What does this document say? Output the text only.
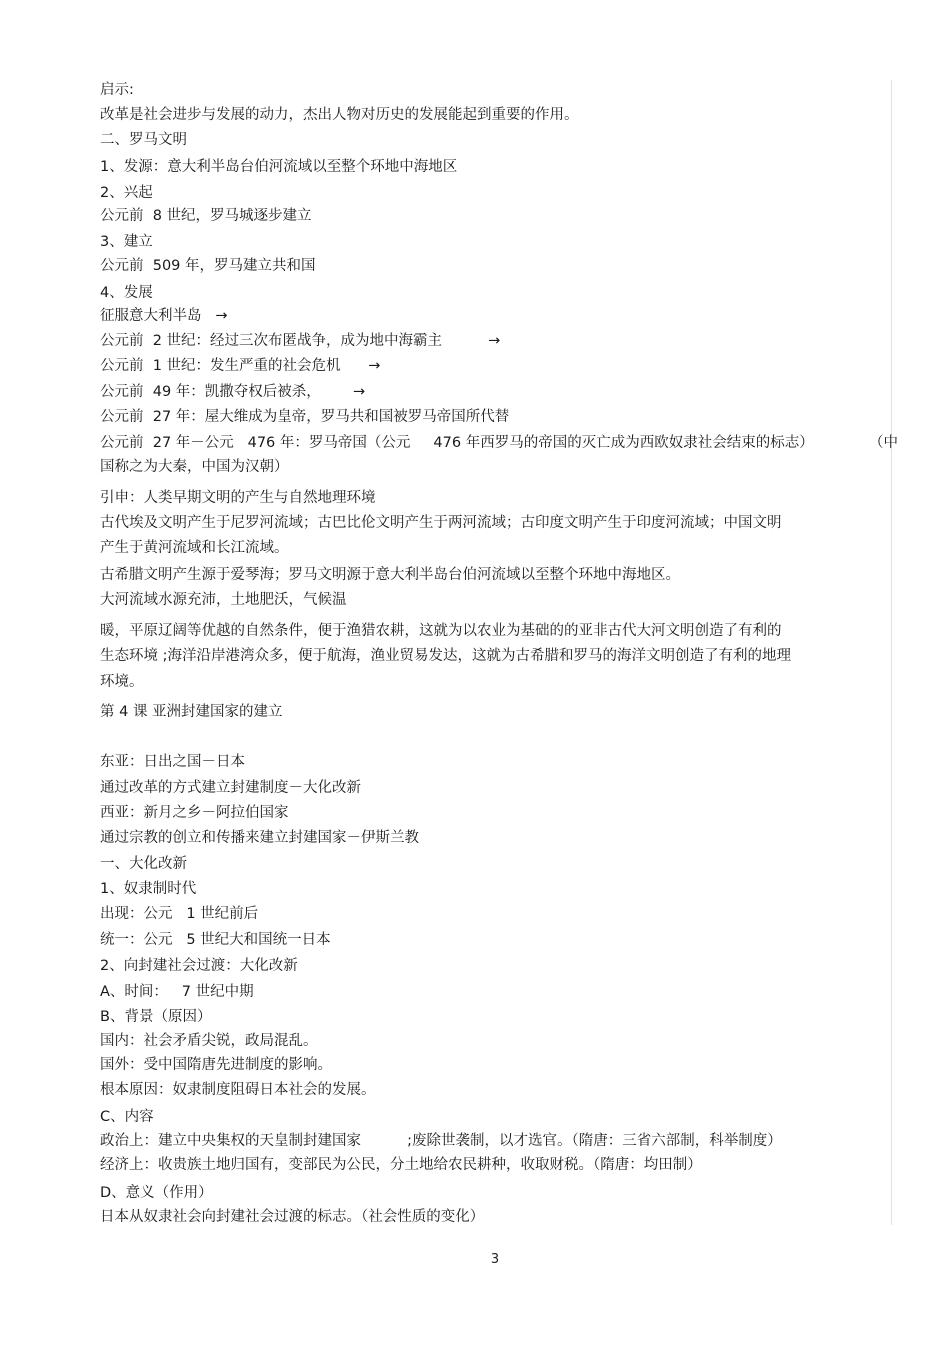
启示:

改革是社会进步与发展的动力，杰出人物对历史的发展能起到重要的作用。

二、罗马文明

1、发源：意大利半岛台伯河流域以至整个环地中海地区

2、兴起

公元前  8 世纪，罗马城逐步建立

3、建立

公元前  509 年，罗马建立共和国

4、发展

征服意大利半岛   →

公元前  2 世纪：经过三次布匿战争，成为地中海霸主          →

公元前  1 世纪：发生严重的社会危机      →

公元前  49 年：凯撒夺权后被杀，       →

公元前  27 年：屋大维成为皇帝，罗马共和国被罗马帝国所代替

公元前  27 年－公元   476 年：罗马帝国（公元     476 年西罗马的帝国的灭亡成为西欧奴隶社会结束的标志）            （中

国称之为大秦，中国为汉朝）

引申：人类早期文明的产生与自然地理环境

古代埃及文明产生于尼罗河流域；古巴比伦文明产生于两河流域；古印度文明产生于印度河流域；中国文明

产生于黄河流域和长江流域。

古希腊文明产生源于爱琴海；罗马文明源于意大利半岛台伯河流域以至整个环地中海地区。

大河流域水源充沛，土地肥沃，气候温

暖，平原辽阔等优越的自然条件，便于渔猎农耕，这就为以农业为基础的的亚非古代大河文明创造了有利的

生态环境 ;海洋沿岸港湾众多，便于航海，渔业贸易发达，这就为古希腊和罗马的海洋文明创造了有利的地理

环境。

第 4 课 亚洲封建国家的建立

东亚：日出之国－日本

通过改革的方式建立封建制度－大化改新

西亚：新月之乡－阿拉伯国家

通过宗教的创立和传播来建立封建国家－伊斯兰教

一、大化改新

1、奴隶制时代

出现：公元   1 世纪前后

统一：公元   5 世纪大和国统一日本

2、向封建社会过渡：大化改新

A、时间：   7 世纪中期

B、背景（原因）

国内：社会矛盾尖锐，政局混乱。

国外：受中国隋唐先进制度的影响。

根本原因：奴隶制度阻碍日本社会的发展。

C、内容

政治上：建立中央集权的天皇制封建国家          ;废除世袭制，以才选官。（隋唐：三省六部制，科举制度）

经济上：收贵族土地归国有，变部民为公民，分土地给农民耕种，收取财税。（隋唐：均田制）

D、意义（作用）

日本从奴隶社会向封建社会过渡的标志。（社会性质的变化）

3
